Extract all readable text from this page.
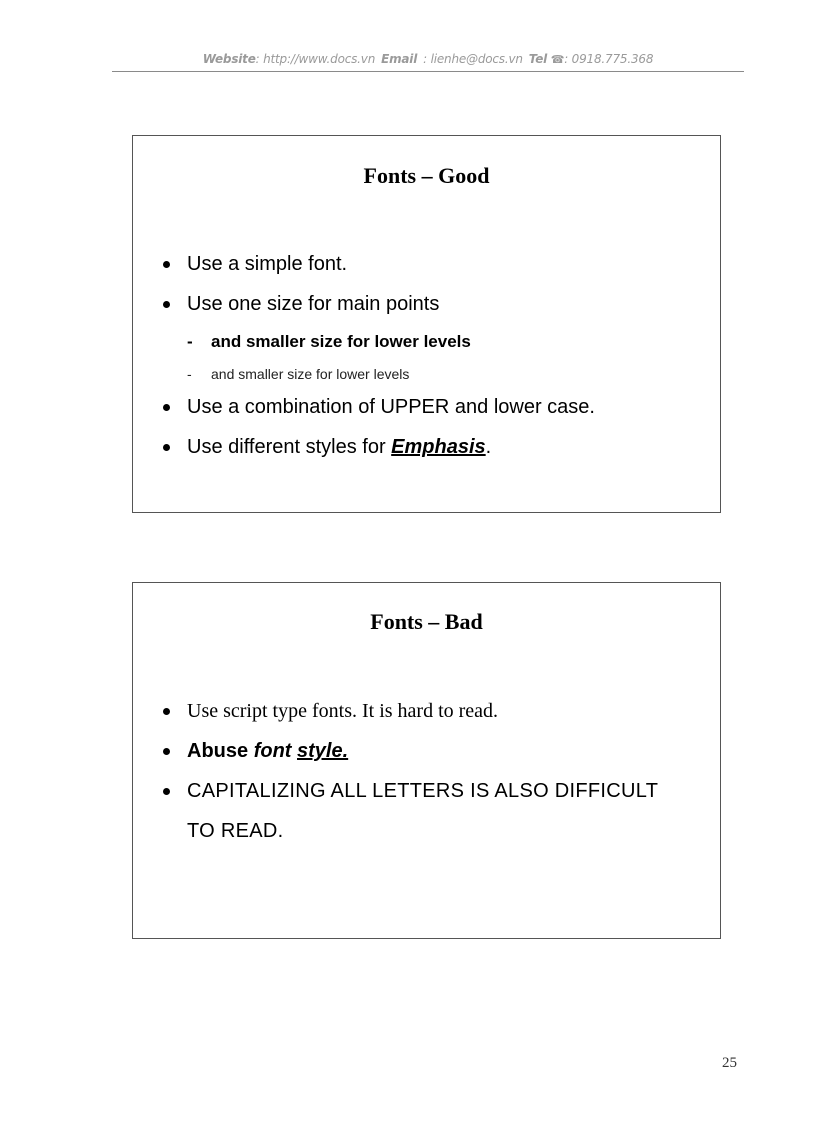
Website: http://www.docs.vn Email : lienhe@docs.vn Tel ☎: 0918.775.368
Fonts – Good
Use a simple font.
Use one size for main points
- and smaller size for lower levels
- and smaller size for lower levels
Use a combination of UPPER and lower case.
Use different styles for Emphasis.
Fonts – Bad
Use script type fonts. It is hard to read.
Abuse font style.
CAPITALIZING ALL LETTERS IS ALSO DIFFICULT TO READ.
25
